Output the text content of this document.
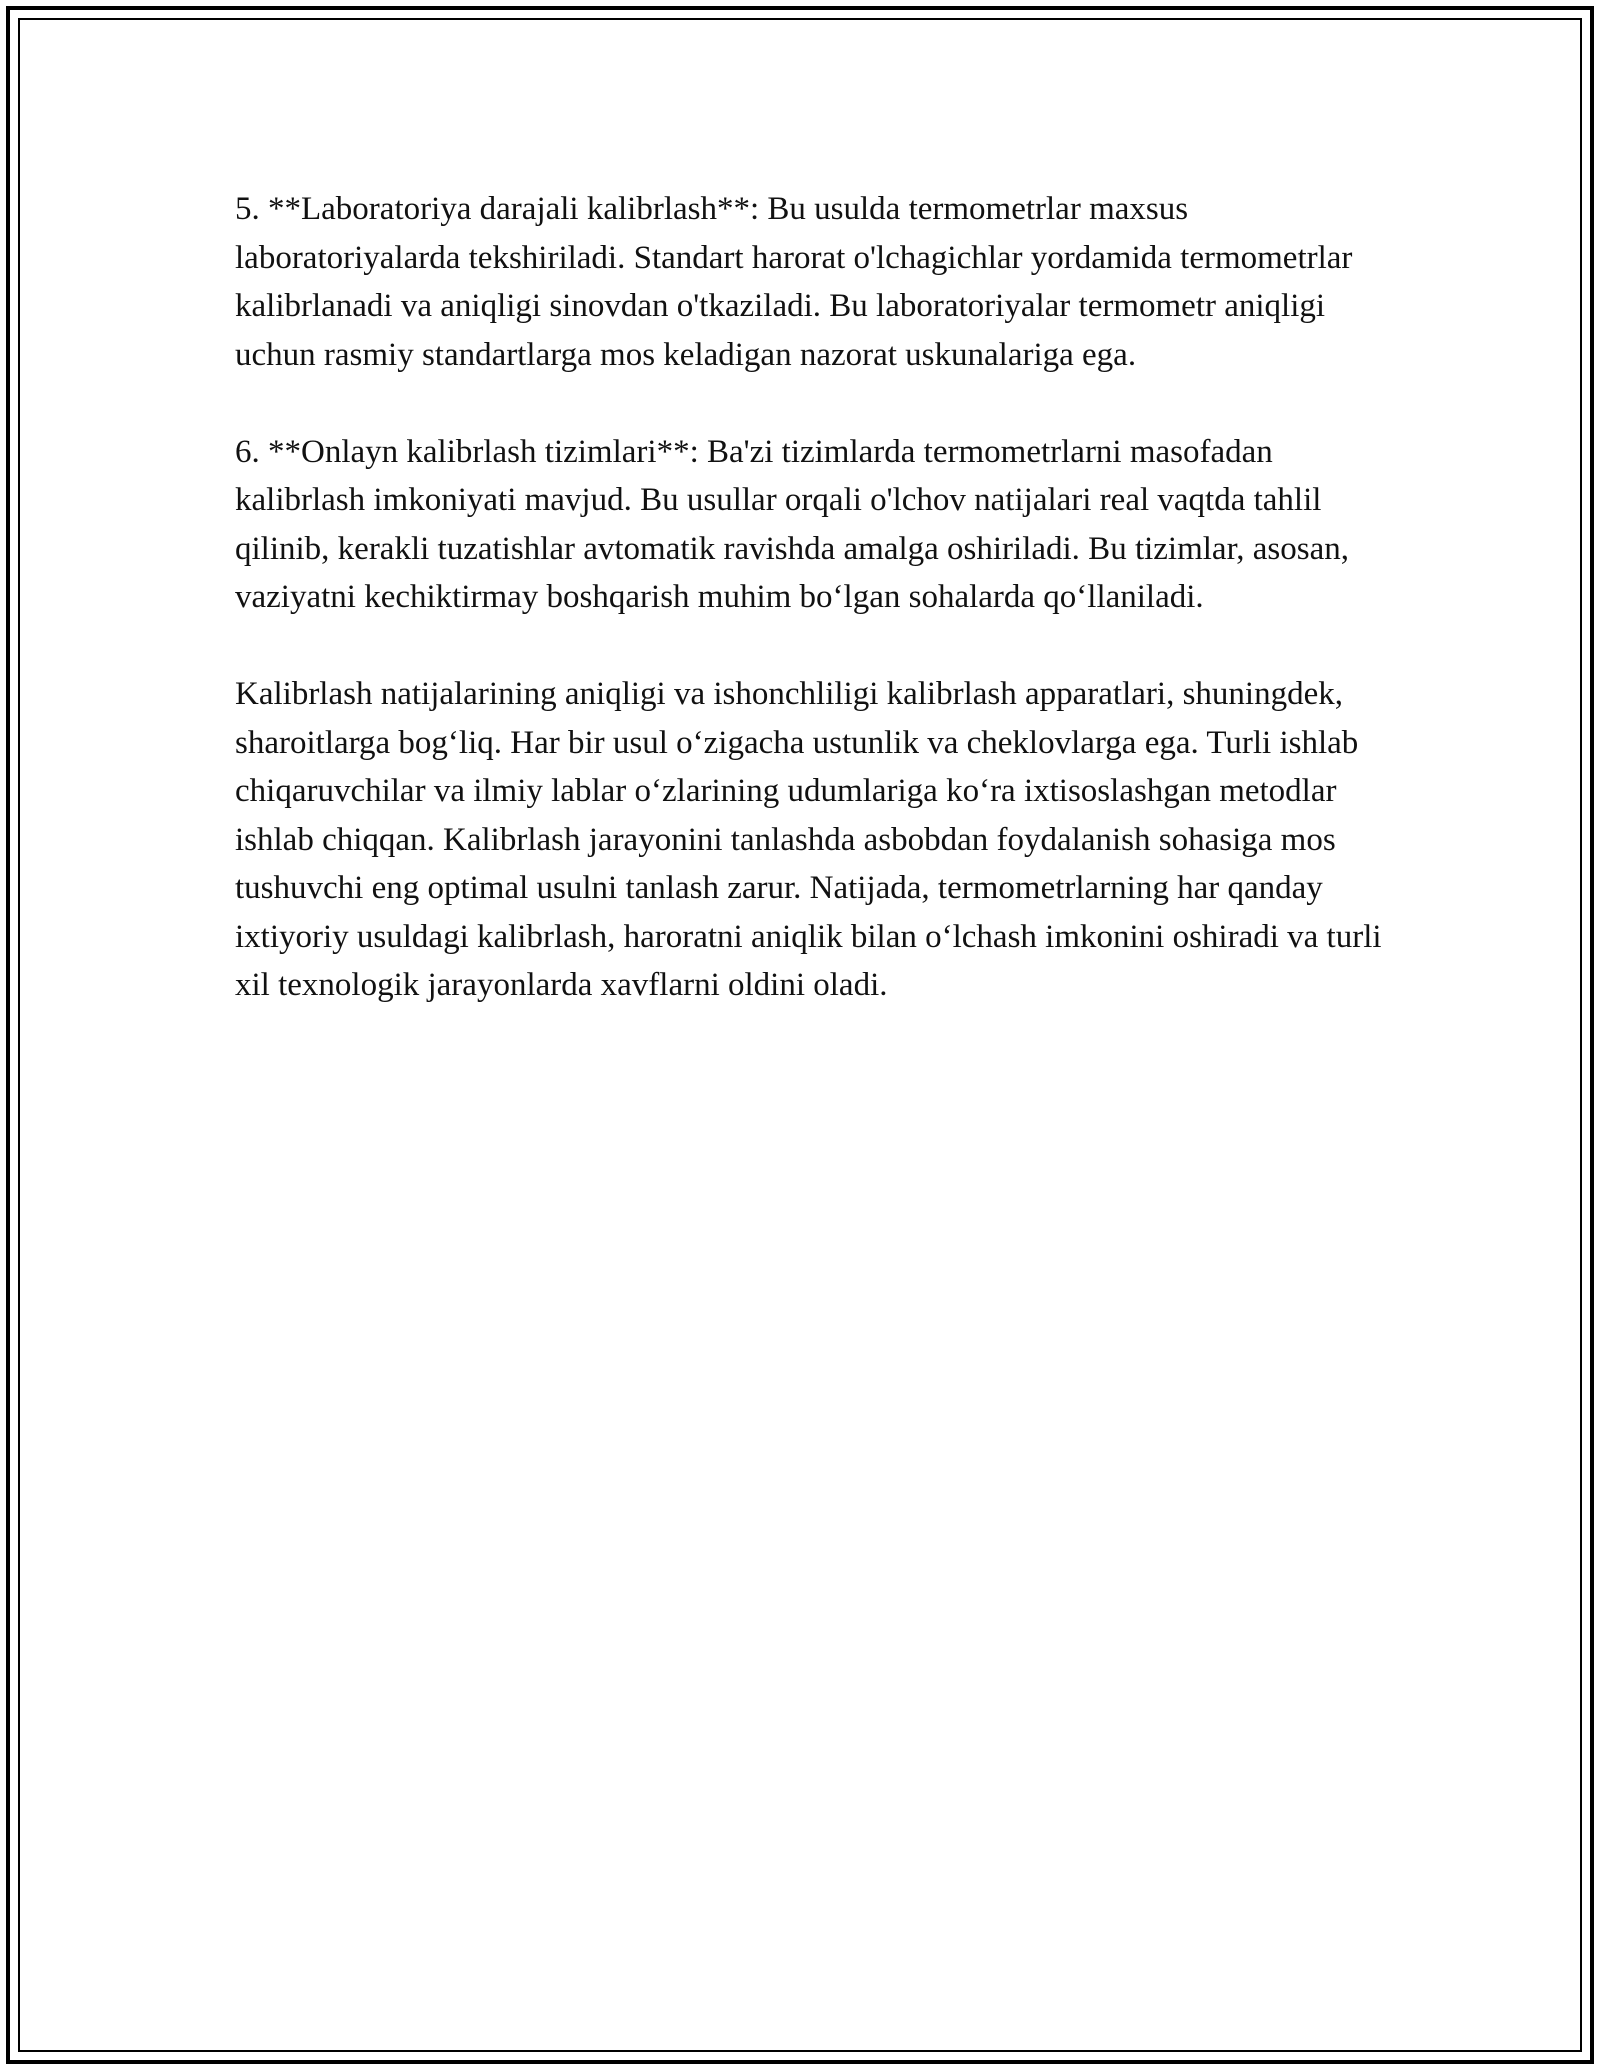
5. **Laboratoriya darajali kalibrlash**: Bu usulda termometrlar maxsus laboratoriyalarda tekshiriladi. Standart harorat o'lchagichlar yordamida termometrlar kalibrlanadi va aniqligi sinovdan o'tkaziladi. Bu laboratoriyalar termometr aniqligi uchun rasmiy standartlarga mos keladigan nazorat uskunalariga ega.

6. **Onlayn kalibrlash tizimlari**: Ba'zi tizimlarda termometrlarni masofadan kalibrlash imkoniyati mavjud. Bu usullar orqali o'lchov natijalari real vaqtda tahlil qilinib, kerakli tuzatishlar avtomatik ravishda amalga oshiriladi. Bu tizimlar, asosan, vaziyatni kechiktirmay boshqarish muhim bo‘lgan sohalarda qo‘llaniladi.

Kalibrlash natijalarining aniqligi va ishonchliligi kalibrlash apparatlari, shuningdek, sharoitlarga bog‘liq. Har bir usul o‘zigacha ustunlik va cheklovlarga ega. Turli ishlab chiqaruvchilar va ilmiy lablar o‘zlarining udumlariga ko‘ra ixtisoslashgan metodlar ishlab chiqqan. Kalibrlash jarayonini tanlashda asbobdan foydalanish sohasiga mos tushuvchi eng optimal usulni tanlash zarur. Natijada, termometrlarning har qanday ixtiyoriy usuldagi kalibrlash, haroratni aniqlik bilan o‘lchash imkonini oshiradi va turli xil texnologik jarayonlarda xavflarni oldini oladi.
